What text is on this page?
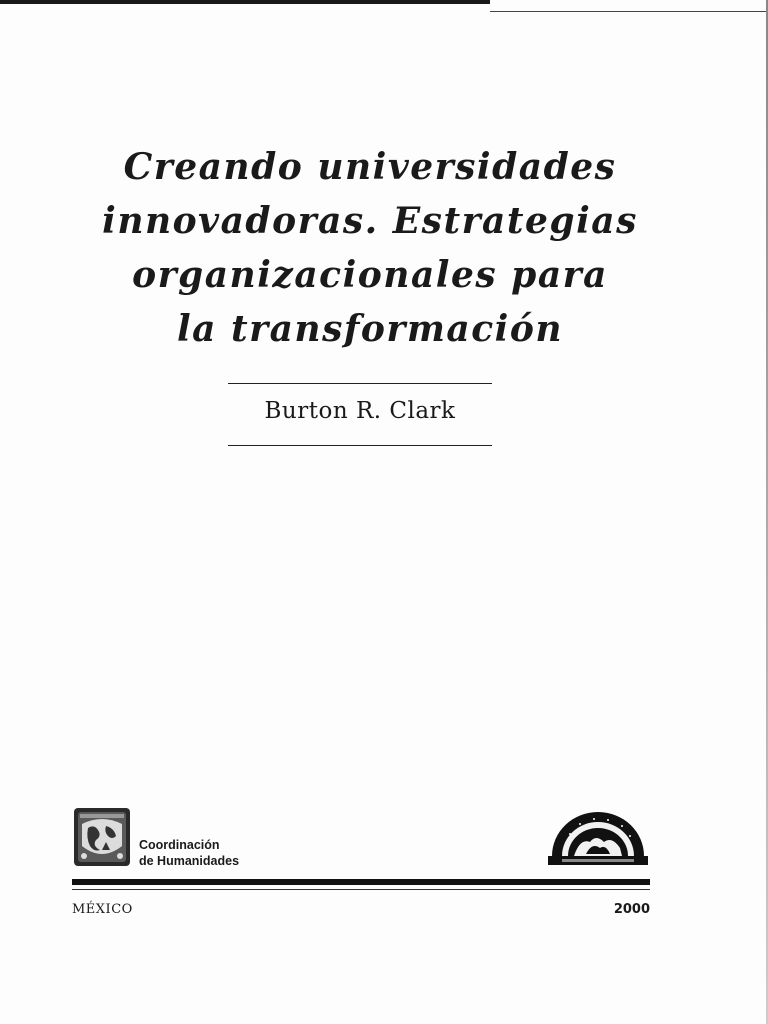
Creando universidades
innovadoras. Estrategias
organizacionales para
la transformación
Burton R. Clark
Coordinación
de Humanidades
MÉXICO	2000
